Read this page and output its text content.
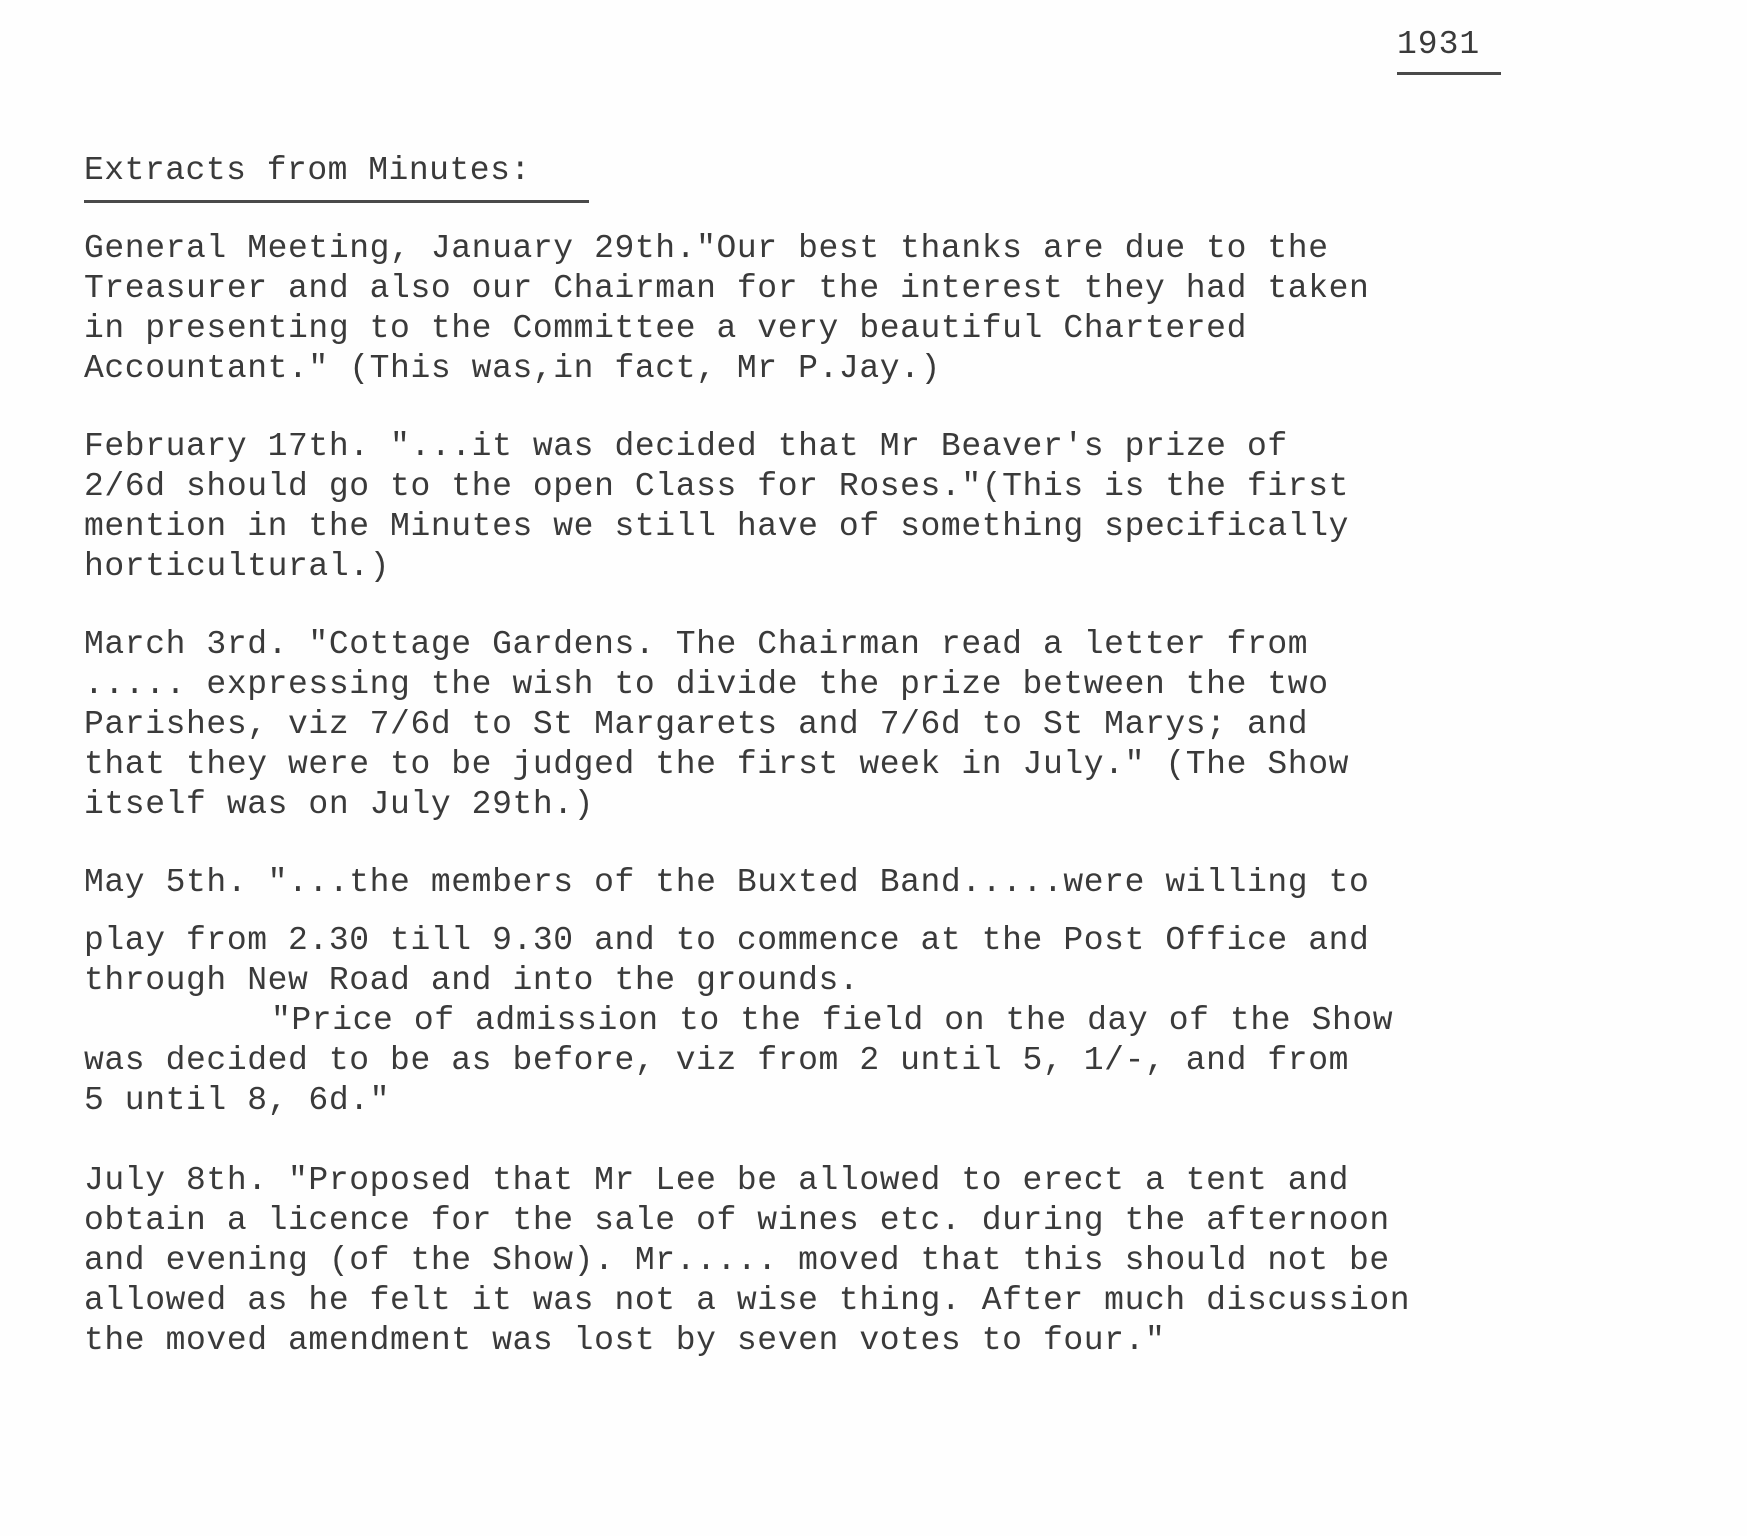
1931
Extracts from Minutes:
General Meeting, January 29th."Our best thanks are due to the
Treasurer and also our Chairman for the interest they had taken
in presenting to the Committee a very beautiful Chartered
Accountant." (This was,in fact, Mr P.Jay.)
February 17th. "...it was decided that Mr Beaver's prize of
2/6d should go to the open Class for Roses."(This is the first
mention in the Minutes we still have of something specifically
horticultural.)
March 3rd. "Cottage Gardens. The Chairman read a letter from
..... expressing the wish to divide the prize between the two
Parishes, viz 7/6d to St Margarets and 7/6d to St Marys; and
that they were to be judged the first week in July." (The Show
itself was on July 29th.)
May 5th. "...the members of the Buxted Band.....were willing to
play from 2.30 till 9.30 and to commence at the Post Office and
through New Road and into the grounds.
"Price of admission to the field on the day of the Show
was decided to be as before, viz from 2 until 5, 1/-, and from
5 until 8, 6d."
July 8th. "Proposed that Mr Lee be allowed to erect a tent and
obtain a licence for the sale of wines etc. during the afternoon
and evening (of the Show). Mr..... moved that this should not be
allowed as he felt it was not a wise thing. After much discussion
the moved amendment was lost by seven votes to four."
